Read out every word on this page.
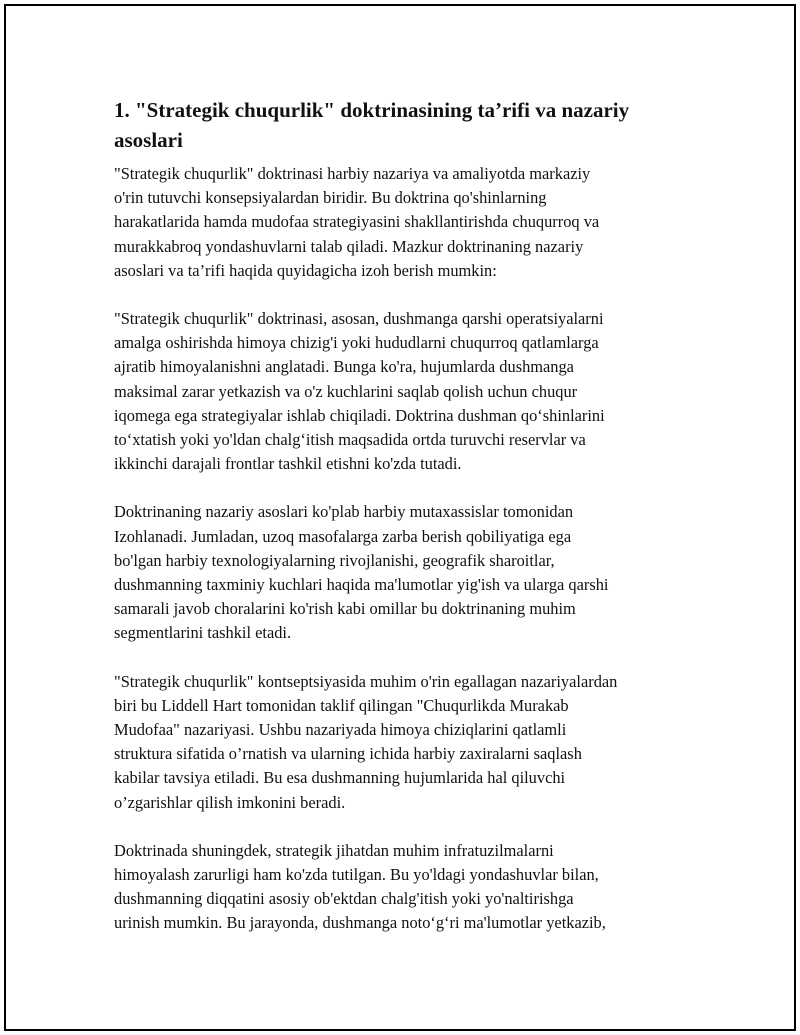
1. "Strategik chuqurlik" doktrinasining ta’rifi va nazariy
asoslari

"Strategik chuqurlik" doktrinasi harbiy nazariya va amaliyotda markaziy
o'rin tutuvchi konsepsiyalardan biridir. Bu doktrina qo'shinlarning
harakatlarida hamda mudofaa strategiyasini shakllantirishda chuqurroq va
murakkabroq yondashuvlarni talab qiladi. Mazkur doktrinaning nazariy
asoslari va ta’rifi haqida quyidagicha izoh berish mumkin:

"Strategik chuqurlik" doktrinasi, asosan, dushmanga qarshi operatsiyalarni
amalga oshirishda himoya chizig'i yoki hududlarni chuqurroq qatlamlarga
ajratib himoyalanishni anglatadi. Bunga ko'ra, hujumlarda dushmanga
maksimal zarar yetkazish va o'z kuchlarini saqlab qolish uchun chuqur
iqomega ega strategiyalar ishlab chiqiladi. Doktrina dushman qo‘shinlarini
to‘xtatish yoki yo'ldan chalg‘itish maqsadida ortda turuvchi reservlar va
ikkinchi darajali frontlar tashkil etishni ko'zda tutadi.

Doktrinaning nazariy asoslari ko'plab harbiy mutaxassislar tomonidan
Izohlanadi. Jumladan, uzoq masofalarga zarba berish qobiliyatiga ega
bo'lgan harbiy texnologiyalarning rivojlanishi, geografik sharoitlar,
dushmanning taxminiy kuchlari haqida ma'lumotlar yig'ish va ularga qarshi
samarali javob choralarini ko'rish kabi omillar bu doktrinaning muhim
segmentlarini tashkil etadi.

"Strategik chuqurlik" kontseptsiyasida muhim o'rin egallagan nazariyalardan
biri bu Liddell Hart tomonidan taklif qilingan "Chuqurlikda Murakab
Mudofaa" nazariyasi. Ushbu nazariyada himoya chiziqlarini qatlamli
struktura sifatida o’rnatish va ularning ichida harbiy zaxiralarni saqlash
kabilar tavsiya etiladi. Bu esa dushmanning hujumlarida hal qiluvchi
o’zgarishlar qilish imkonini beradi.

Doktrinada shuningdek, strategik jihatdan muhim infratuzilmalarni
himoyalash zarurligi ham ko'zda tutilgan. Bu yo'ldagi yondashuvlar bilan,
dushmanning diqqatini asosiy ob'ektdan chalg'itish yoki yo'naltirishga
urinish mumkin. Bu jarayonda, dushmanga noto‘g‘ri ma'lumotlar yetkazib,
